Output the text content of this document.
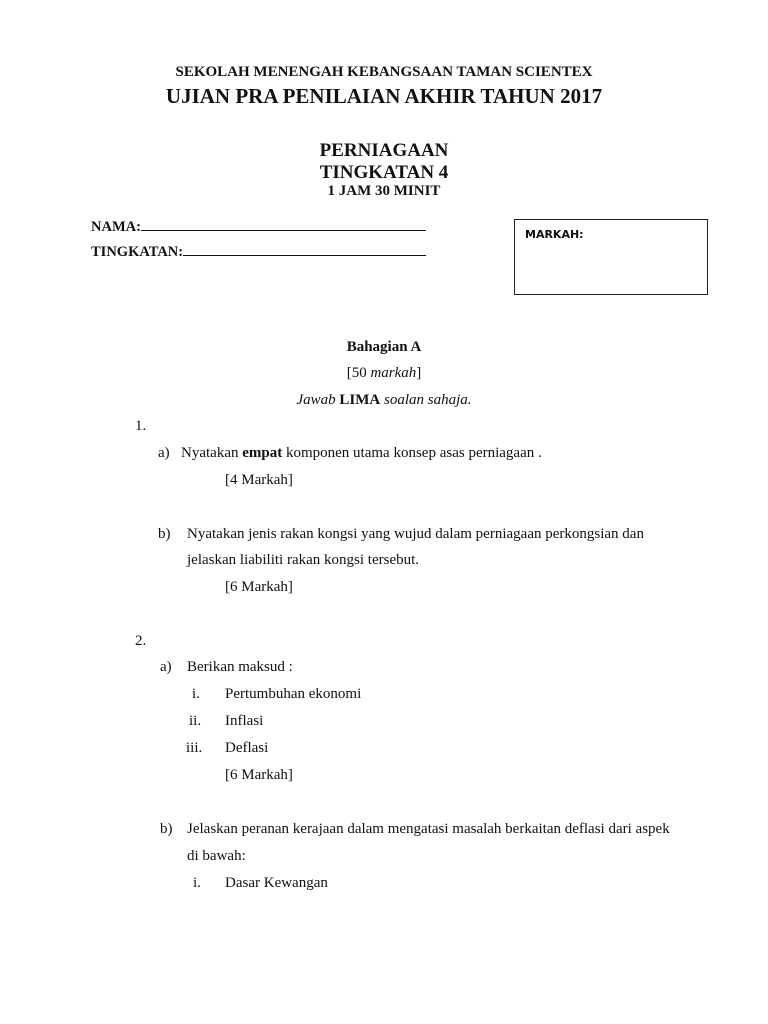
SEKOLAH MENENGAH KEBANGSAAN TAMAN SCIENTEX
UJIAN PRA PENILAIAN AKHIR TAHUN 2017
PERNIAGAAN
TINGKATAN 4
1 JAM 30 MINIT
NAMA:
TINGKATAN:
MARKAH:
Bahagian A
[50 markah]
Jawab LIMA soalan sahaja.
1.
a) Nyatakan empat komponen utama konsep asas perniagaan .
[4 Markah]
b) Nyatakan jenis rakan kongsi yang wujud dalam perniagaan perkongsian dan
jelaskan liabiliti rakan kongsi tersebut.
[6 Markah]
2.
a) Berikan maksud :
i. Pertumbuhan ekonomi
ii. Inflasi
iii. Deflasi
[6 Markah]
b) Jelaskan peranan kerajaan dalam mengatasi masalah berkaitan deflasi dari aspek
di bawah:
i. Dasar Kewangan
